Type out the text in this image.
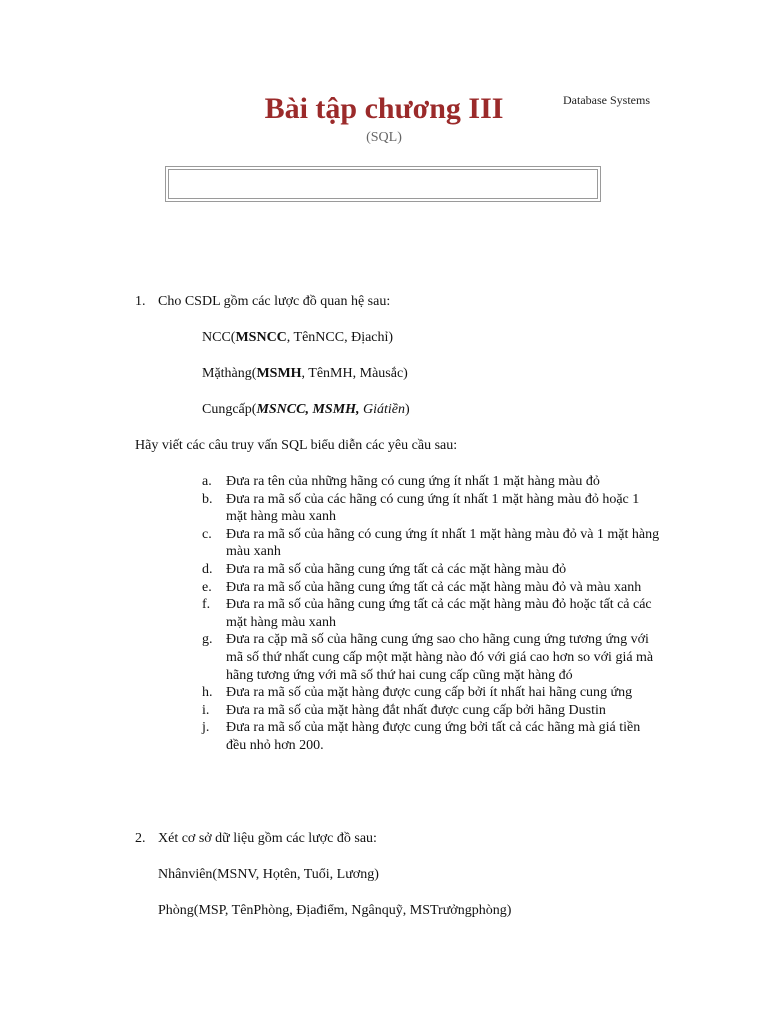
Database Systems
Bài tập chương III
(SQL)
1. Cho CSDL gồm các lược đồ quan hệ sau:
NCC(MSNCC, TênNCC, Địachỉ)
Mặthàng(MSMH, TênMH, Màusắc)
Cungcấp(MSNCC, MSMH, Giátiền)
Hãy viết các câu truy vấn SQL biểu diễn các yêu cầu sau:
a.	Đưa ra tên của những hãng có cung ứng ít nhất 1 mặt hàng màu đỏ
b. Đưa ra mã số của các hãng có cung ứng ít nhất 1 mặt hàng màu đỏ hoặc 1 mặt hàng màu xanh
c.	Đưa ra mã số của hãng có cung ứng ít nhất 1 mặt hàng màu đỏ và 1 mặt hàng màu xanh
d. Đưa ra mã số của hãng cung ứng tất cả các mặt hàng màu đỏ
e.	Đưa ra mã số của hãng cung ứng tất cả các mặt hàng màu đỏ và màu xanh
f.	Đưa ra mã số của hãng cung ứng tất cả các mặt hàng màu đỏ hoặc tất cả các mặt hàng màu xanh
g. Đưa ra cặp mã số của hãng cung ứng sao cho hãng cung ứng tương ứng với mã số thứ nhất cung cấp một mặt hàng nào đó với giá cao hơn so với giá mà hãng tương ứng với mã số thứ hai cung cấp cũng mặt hàng đó
h. Đưa ra mã số của mặt hàng được cung cấp bởi ít nhất hai hãng cung ứng
i.	Đưa ra mã số của mặt hàng đắt nhất được cung cấp bởi hãng Dustin
j.	Đưa ra mã số của mặt hàng được cung ứng bởi tất cả các hãng mà giá tiền đều nhỏ hơn 200.
2. Xét cơ sở dữ liệu gồm các lược đồ sau:
Nhânviên(MSNV, Họtên, Tuổi, Lương)
Phòng(MSP, TênPhòng, Địađiểm, Ngânquỹ, MSTrưởngphòng)
